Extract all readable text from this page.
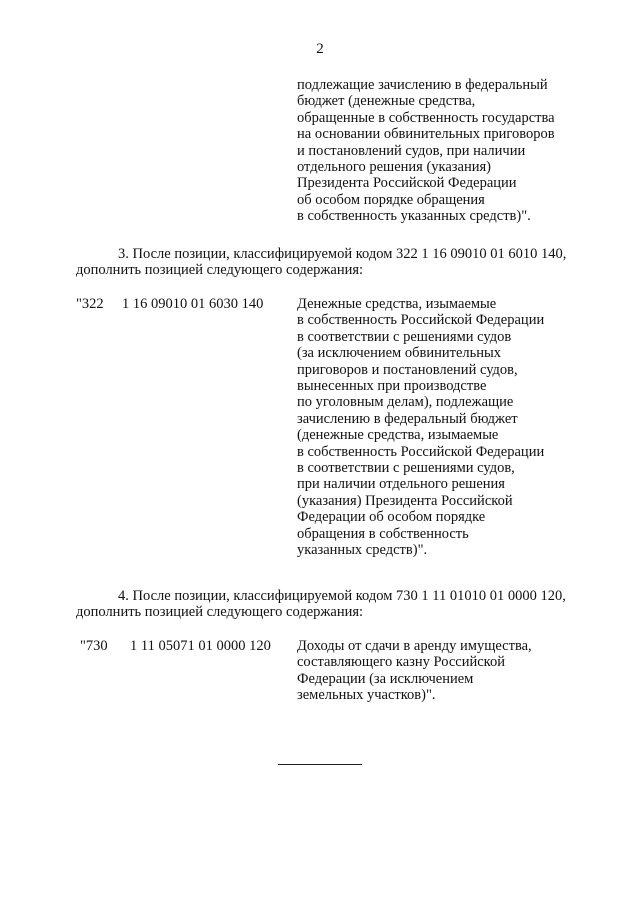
2
подлежащие зачислению в федеральный
бюджет (денежные средства,
обращенные в собственность государства
на основании обвинительных приговоров
и постановлений судов, при наличии
отдельного решения (указания)
Президента Российской Федерации
об особом порядке обращения
в собственность указанных средств)".
3. После позиции, классифицируемой кодом 322 1 16 09010 01 6010 140,
дополнить позицией следующего содержания:
"322 1 16 09010 01 6030 140 Денежные средства, изымаемые
в собственность Российской Федерации
в соответствии с решениями судов
(за исключением обвинительных
приговоров и постановлений судов,
вынесенных при производстве
по уголовным делам), подлежащие
зачислению в федеральный бюджет
(денежные средства, изымаемые
в собственность Российской Федерации
в соответствии с решениями судов,
при наличии отдельного решения
(указания) Президента Российской
Федерации об особом порядке
обращения в собственность
указанных средств)".
4. После позиции, классифицируемой кодом 730 1 11 01010 01 0000 120,
дополнить позицией следующего содержания:
"730 1 11 05071 01 0000 120 Доходы от сдачи в аренду имущества,
составляющего казну Российской
Федерации (за исключением
земельных участков)".
